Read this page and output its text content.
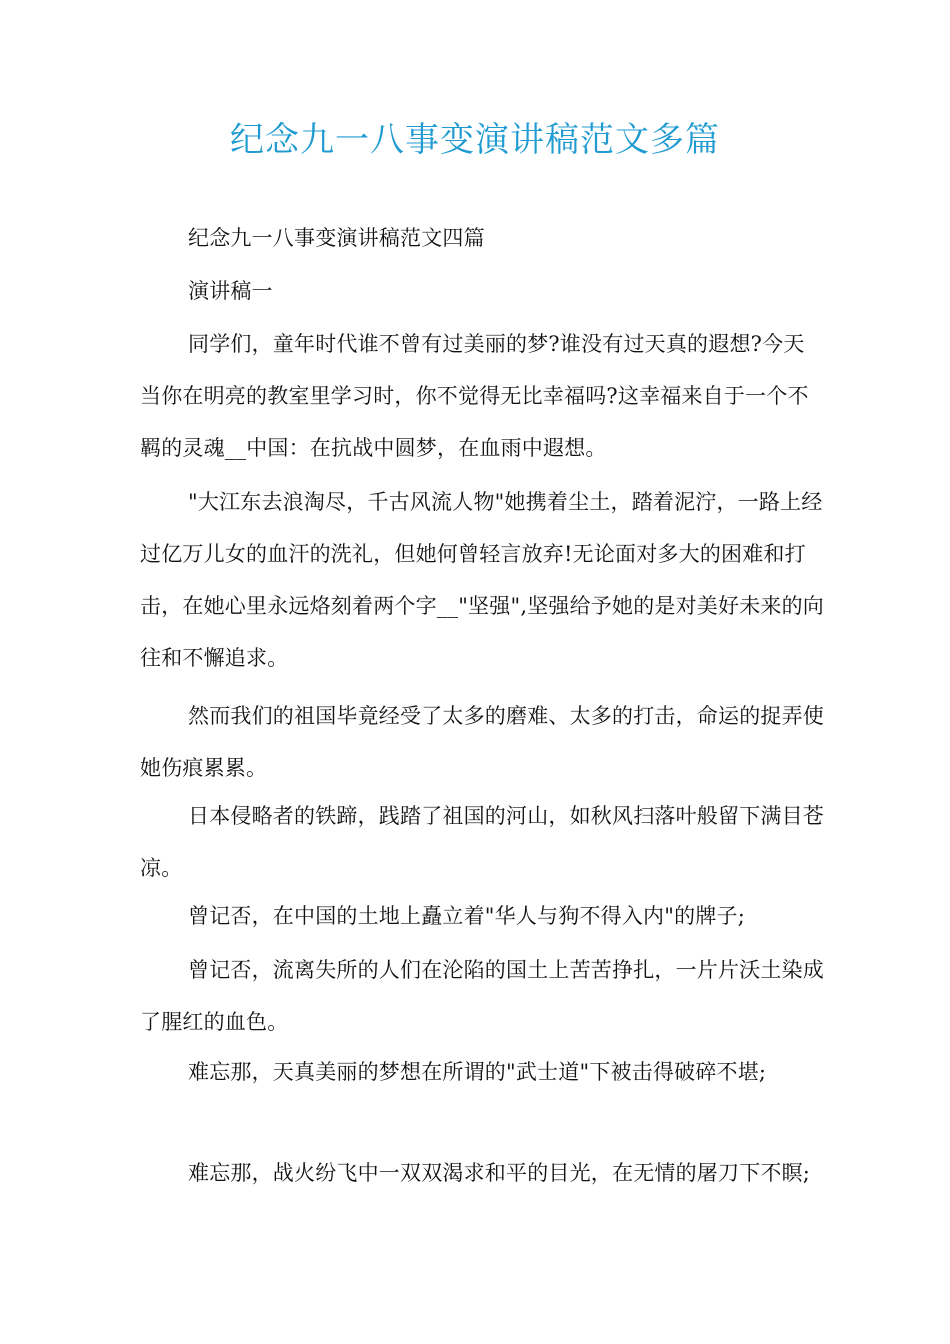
纪念九一八事变演讲稿范文多篇

纪念九一八事变演讲稿范文四篇

演讲稿一

同学们，童年时代谁不曾有过美丽的梦?谁没有过天真的遐想?今天当你在明亮的教室里学习时，你不觉得无比幸福吗?这幸福来自于一个不羁的灵魂__中国：在抗战中圆梦，在血雨中遐想。

"大江东去浪淘尽，千古风流人物"她携着尘土，踏着泥泞，一路上经过亿万儿女的血汗的洗礼，但她何曾轻言放弃!无论面对多大的困难和打击，在她心里永远烙刻着两个字__"坚强",坚强给予她的是对美好未来的向往和不懈追求。

然而我们的祖国毕竟经受了太多的磨难、太多的打击，命运的捉弄使她伤痕累累。

日本侵略者的铁蹄，践踏了祖国的河山，如秋风扫落叶般留下满目苍凉。

曾记否，在中国的土地上矗立着"华人与狗不得入内"的牌子;

曾记否，流离失所的人们在沦陷的国土上苦苦挣扎，一片片沃土染成了腥红的血色。

难忘那，天真美丽的梦想在所谓的"武士道"下被击得破碎不堪;

难忘那，战火纷飞中一双双渴求和平的目光，在无情的屠刀下不瞑;
